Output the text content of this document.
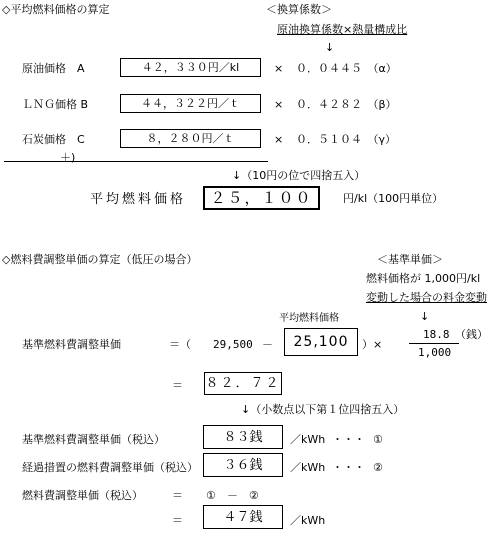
◇平均燃料価格の算定	＜換算係数＞
原油換算係数×熱量構成比
↓
原油価格　A	４２，３３０円／kl	× ０．０４４５　（α）
ＬＮＧ価格 B	４４，３２２円／ｔ	× ０．４２８２　（β）
石炭価格　C	８，２８０円／ｔ	× ０．５１０４　（γ）
＋)
↓（10円の位で四捨五入）
平均燃料価格 ２５，１００	円/kl（100円単位）
◇燃料費調整単価の算定（低圧の場合）	＜基準単価＞
燃料価格が 1,000円/kl
変動した場合の料金変動
↓
平均燃料価格
基準燃料費調整単価	＝（ 29,500 － 25,100 ）×
18.8
1,000
（銭）
＝ ８２．７２
↓（小数点以下第１位四捨五入）
基準燃料費調整単価（税込）	８３銭	／kWh ・・・ ①
経過措置の燃料費調整単価（税込） ３６銭	／kWh ・・・ ②
燃料費調整単価（税込）	＝ ①　－　②
＝	４７銭	／kWh
